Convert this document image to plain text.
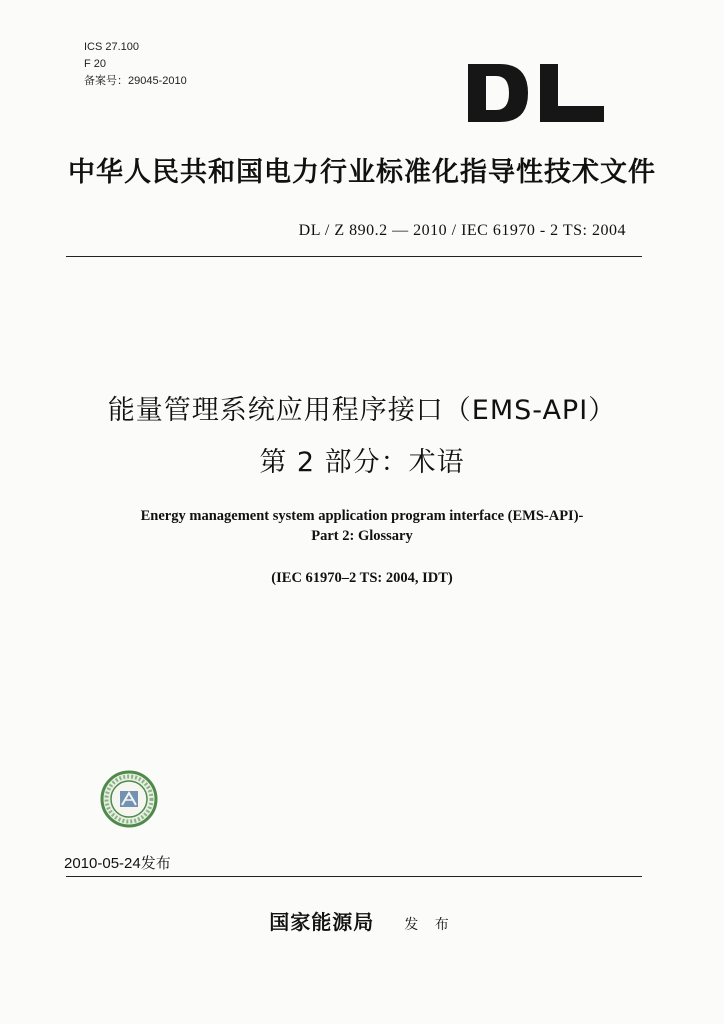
ICS 27.100
F 20
备案号：29045-2010
中华人民共和国电力行业标准化指导性技术文件
DL / Z 890.2 — 2010 / IEC 61970 - 2 TS: 2004
能量管理系统应用程序接口（EMS-API）
第 2 部分：术语
Energy management system application program interface (EMS-API)-
Part 2: Glossary
(IEC 61970–2 TS: 2004, IDT)
2010-05-24发布
国家能源局 发 布
